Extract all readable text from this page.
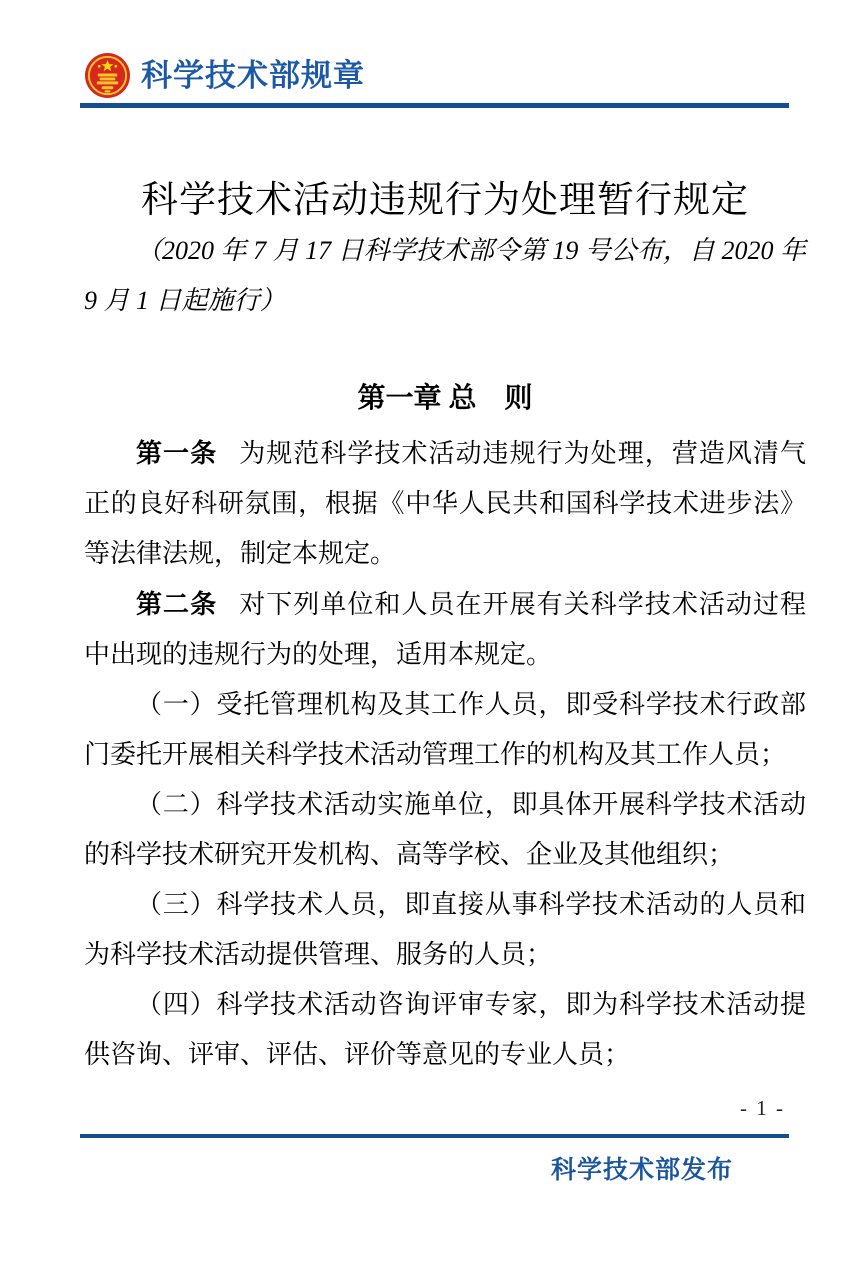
科学技术部规章
科学技术活动违规行为处理暂行规定

（2020 年 7 月 17 日科学技术部令第 19 号公布，自 2020 年 9 月 1 日起施行）

第一章 总　则

第一条 为规范科学技术活动违规行为处理，营造风清气正的良好科研氛围，根据《中华人民共和国科学技术进步法》等法律法规，制定本规定。

第二条 对下列单位和人员在开展有关科学技术活动过程中出现的违规行为的处理，适用本规定。

（一）受托管理机构及其工作人员，即受科学技术行政部门委托开展相关科学技术活动管理工作的机构及其工作人员；

（二）科学技术活动实施单位，即具体开展科学技术活动的科学技术研究开发机构、高等学校、企业及其他组织；

（三）科学技术人员，即直接从事科学技术活动的人员和为科学技术活动提供管理、服务的人员；

（四）科学技术活动咨询评审专家，即为科学技术活动提供咨询、评审、评估、评价等意见的专业人员；

- 1 -
科学技术部发布
